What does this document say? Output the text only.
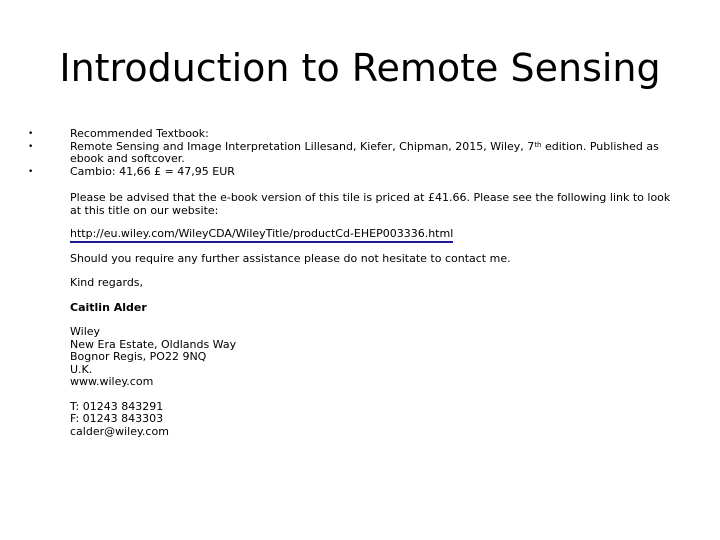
Introduction to Remote Sensing
•	Recommended Textbook:
•	Remote Sensing and Image Interpretation Lillesand, Kiefer, Chipman, 2015, Wiley, 7th edition. Published as ebook and softcover.
•	Cambio: 41,66 £ = 47,95 EUR
Please be advised that the e-book version of this tile is priced at £41.66. Please see the following link to look at this title on our website:
http://eu.wiley.com/WileyCDA/WileyTitle/productCd-EHEP003336.html
Should you require any further assistance please do not hesitate to contact me.
Kind regards,
Caitlin Alder
Wiley
New Era Estate, Oldlands Way
Bognor Regis, PO22 9NQ
U.K.
www.wiley.com
T: 01243 843291
F: 01243 843303
calder@wiley.com
